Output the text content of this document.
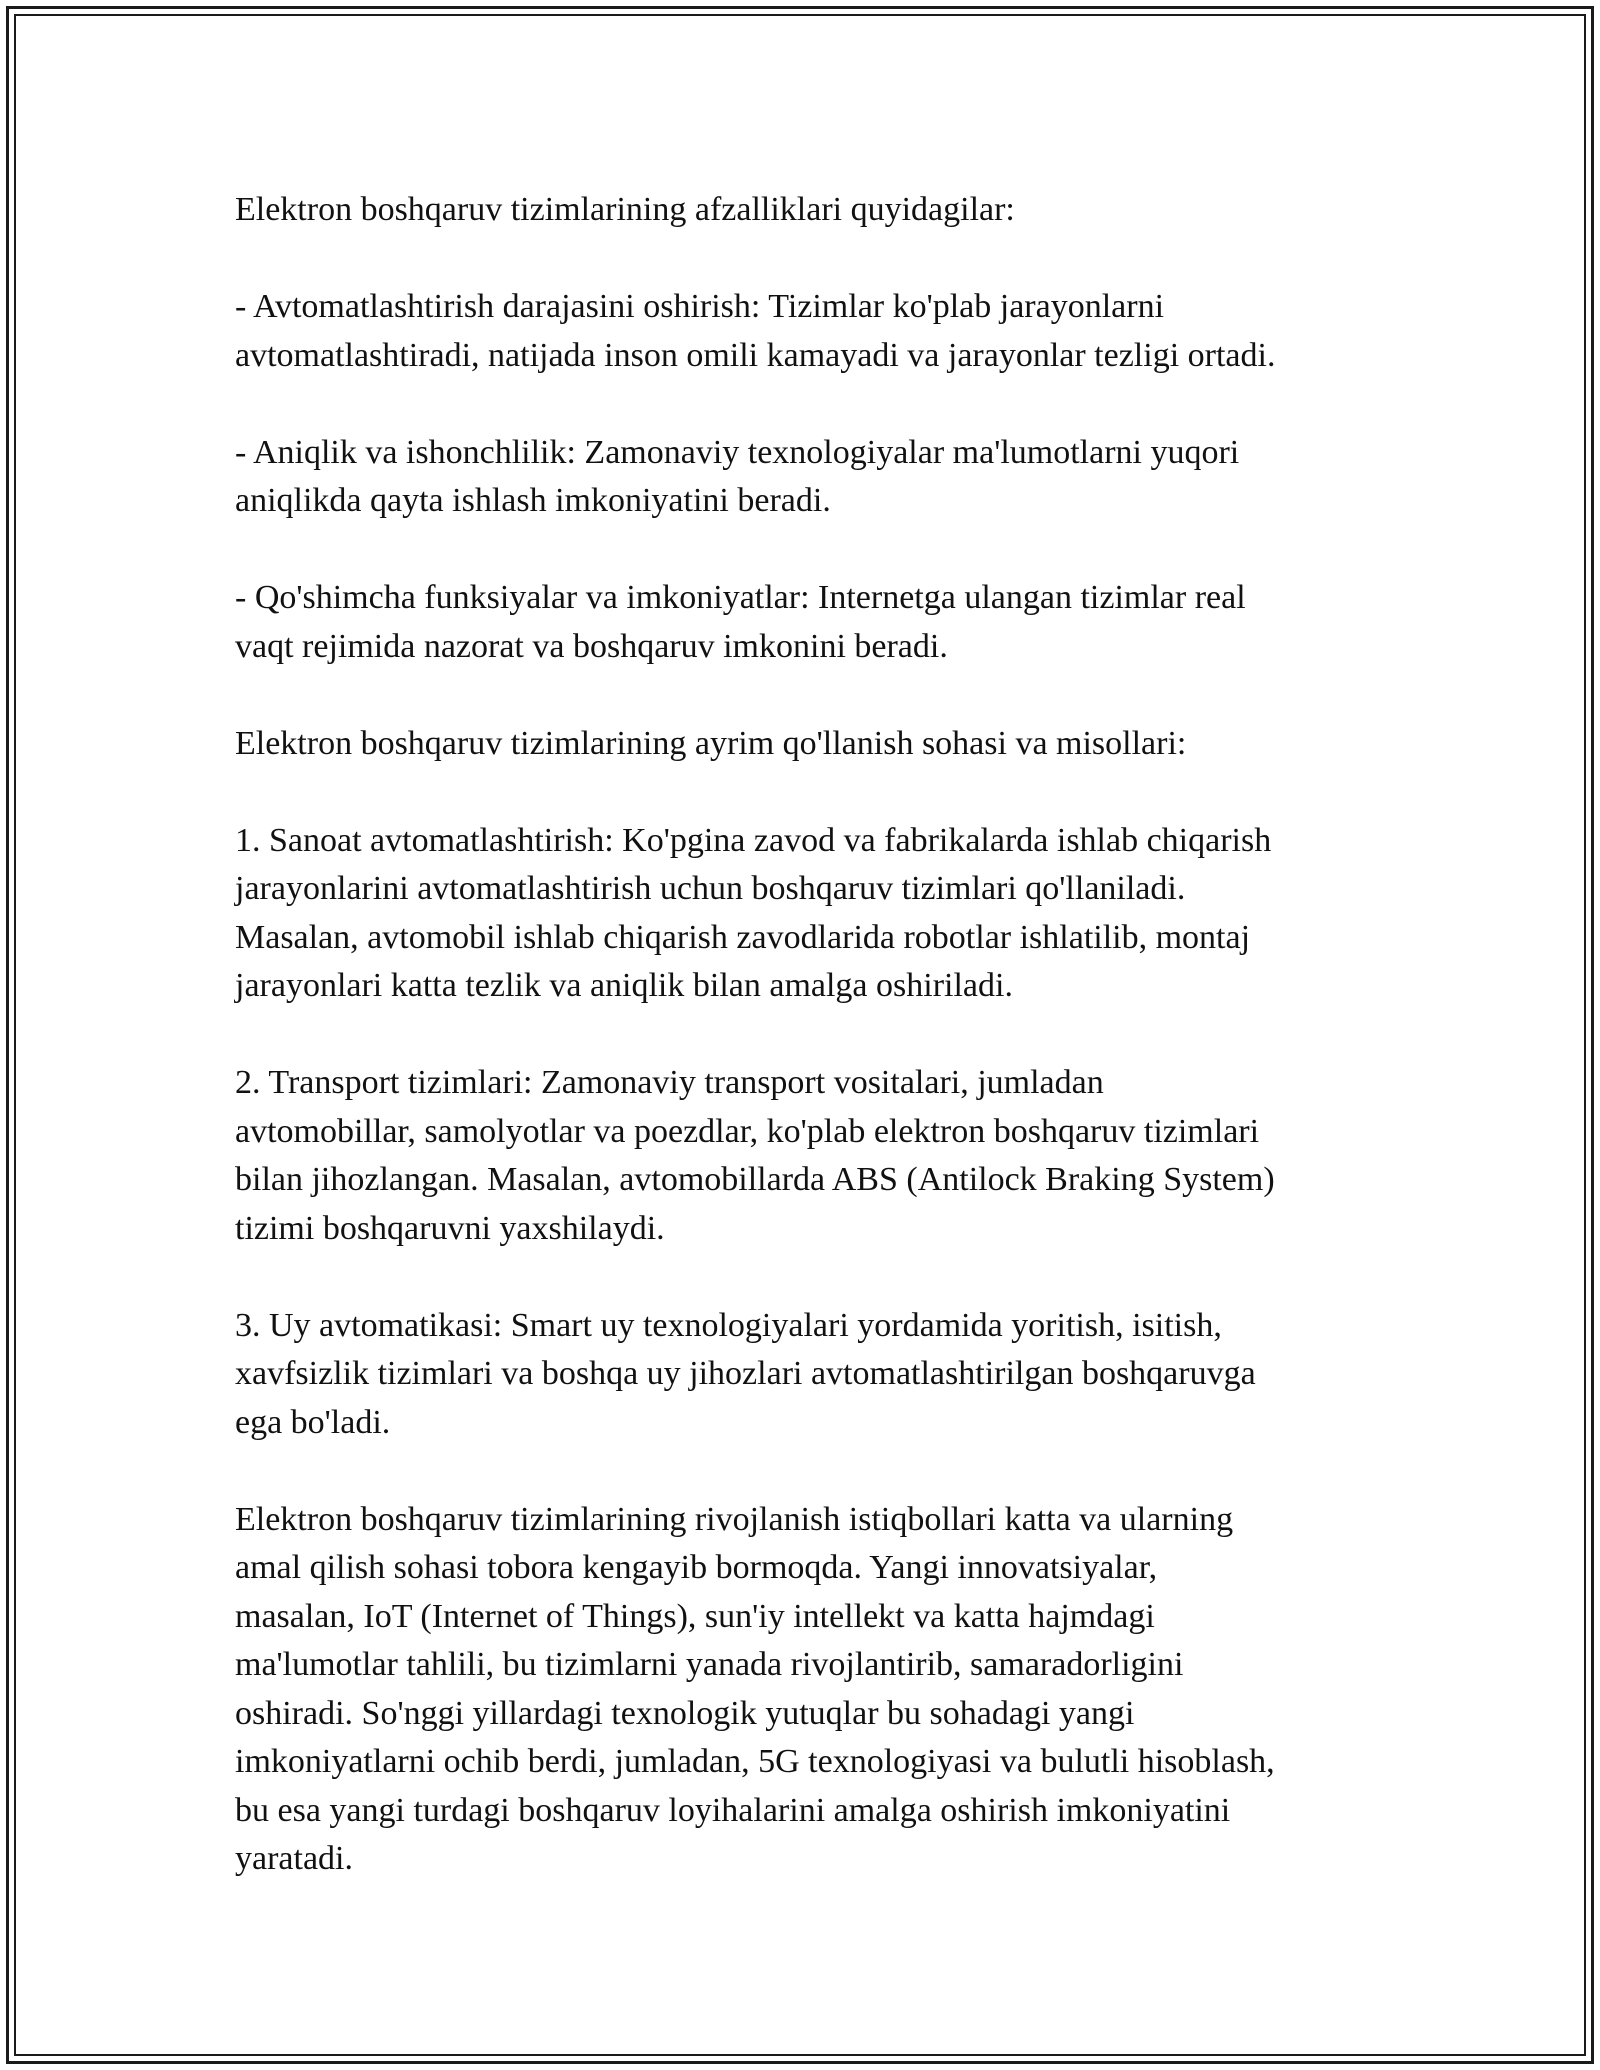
Elektron boshqaruv tizimlarining afzalliklari quyidagilar:

- Avtomatlashtirish darajasini oshirish: Tizimlar ko'plab jarayonlarni
avtomatlashtiradi, natijada inson omili kamayadi va jarayonlar tezligi ortadi.

- Aniqlik va ishonchlilik: Zamonaviy texnologiyalar ma'lumotlarni yuqori
aniqlikda qayta ishlash imkoniyatini beradi.

- Qo'shimcha funksiyalar va imkoniyatlar: Internetga ulangan tizimlar real
vaqt rejimida nazorat va boshqaruv imkonini beradi.

Elektron boshqaruv tizimlarining ayrim qo'llanish sohasi va misollari:

1. Sanoat avtomatlashtirish: Ko'pgina zavod va fabrikalarda ishlab chiqarish
jarayonlarini avtomatlashtirish uchun boshqaruv tizimlari qo'llaniladi.
Masalan, avtomobil ishlab chiqarish zavodlarida robotlar ishlatilib, montaj
jarayonlari katta tezlik va aniqlik bilan amalga oshiriladi.

2. Transport tizimlari: Zamonaviy transport vositalari, jumladan
avtomobillar, samolyotlar va poezdlar, ko'plab elektron boshqaruv tizimlari
bilan jihozlangan. Masalan, avtomobillarda ABS (Antilock Braking System)
tizimi boshqaruvni yaxshilaydi.

3. Uy avtomatikasi: Smart uy texnologiyalari yordamida yoritish, isitish,
xavfsizlik tizimlari va boshqa uy jihozlari avtomatlashtirilgan boshqaruvga
ega bo'ladi.

Elektron boshqaruv tizimlarining rivojlanish istiqbollari katta va ularning
amal qilish sohasi tobora kengayib bormoqda. Yangi innovatsiyalar,
masalan, IoT (Internet of Things), sun'iy intellekt va katta hajmdagi
ma'lumotlar tahlili, bu tizimlarni yanada rivojlantirib, samaradorligini
oshiradi. So'nggi yillardagi texnologik yutuqlar bu sohadagi yangi
imkoniyatlarni ochib berdi, jumladan, 5G texnologiyasi va bulutli hisoblash,
bu esa yangi turdagi boshqaruv loyihalarini amalga oshirish imkoniyatini
yaratadi.
